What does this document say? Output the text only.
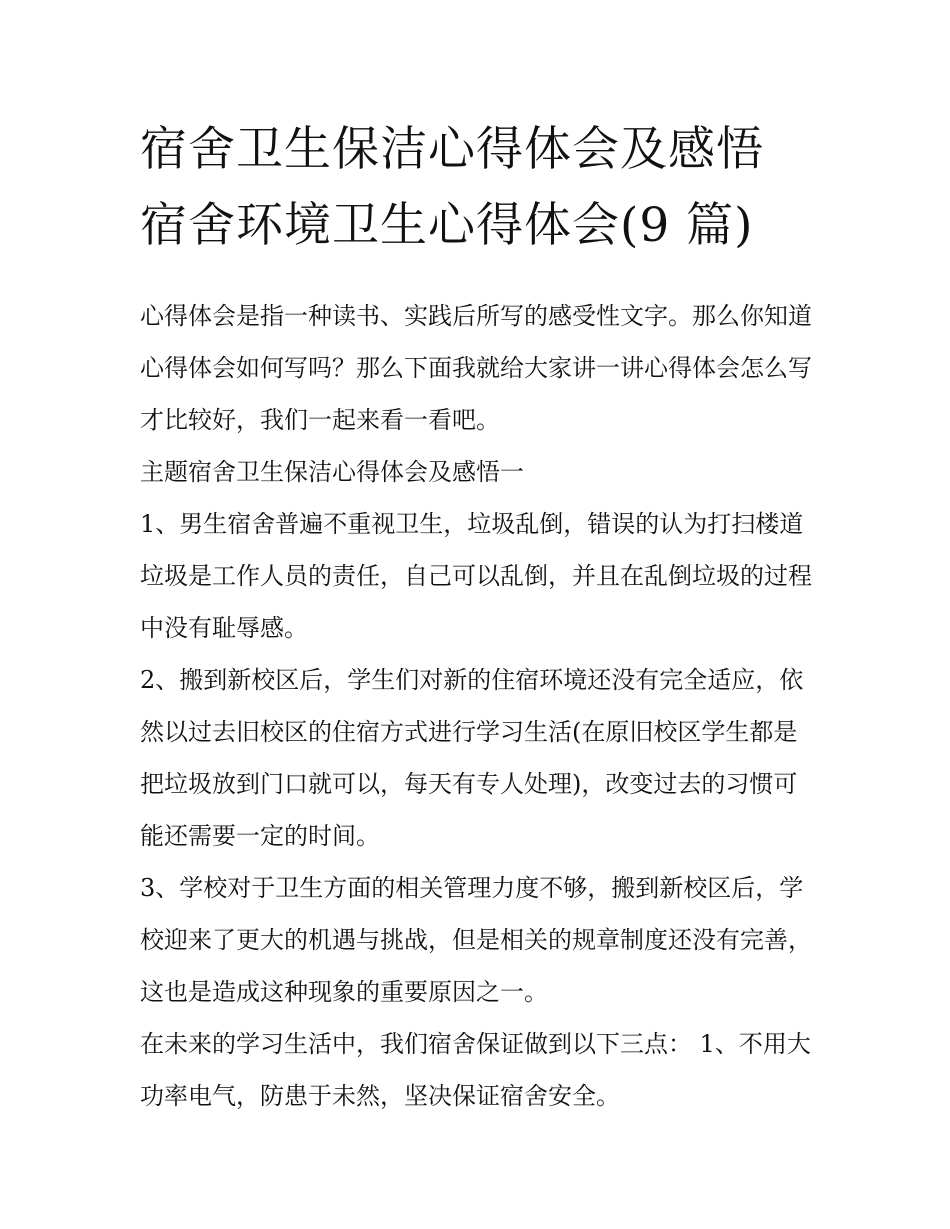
宿舍卫生保洁心得体会及感悟
宿舍环境卫生心得体会(9 篇)

心得体会是指一种读书、实践后所写的感受性文字。那么你知道心得体会如何写吗？那么下面我就给大家讲一讲心得体会怎么写才比较好，我们一起来看一看吧。

主题宿舍卫生保洁心得体会及感悟一

1、男生宿舍普遍不重视卫生，垃圾乱倒，错误的认为打扫楼道垃圾是工作人员的责任，自己可以乱倒，并且在乱倒垃圾的过程中没有耻辱感。

2、搬到新校区后，学生们对新的住宿环境还没有完全适应，依然以过去旧校区的住宿方式进行学习生活(在原旧校区学生都是把垃圾放到门口就可以，每天有专人处理)，改变过去的习惯可能还需要一定的时间。

3、学校对于卫生方面的相关管理力度不够，搬到新校区后，学校迎来了更大的机遇与挑战，但是相关的规章制度还没有完善，这也是造成这种现象的重要原因之一。

在未来的学习生活中，我们宿舍保证做到以下三点： 1、不用大功率电气，防患于未然，坚决保证宿舍安全。
